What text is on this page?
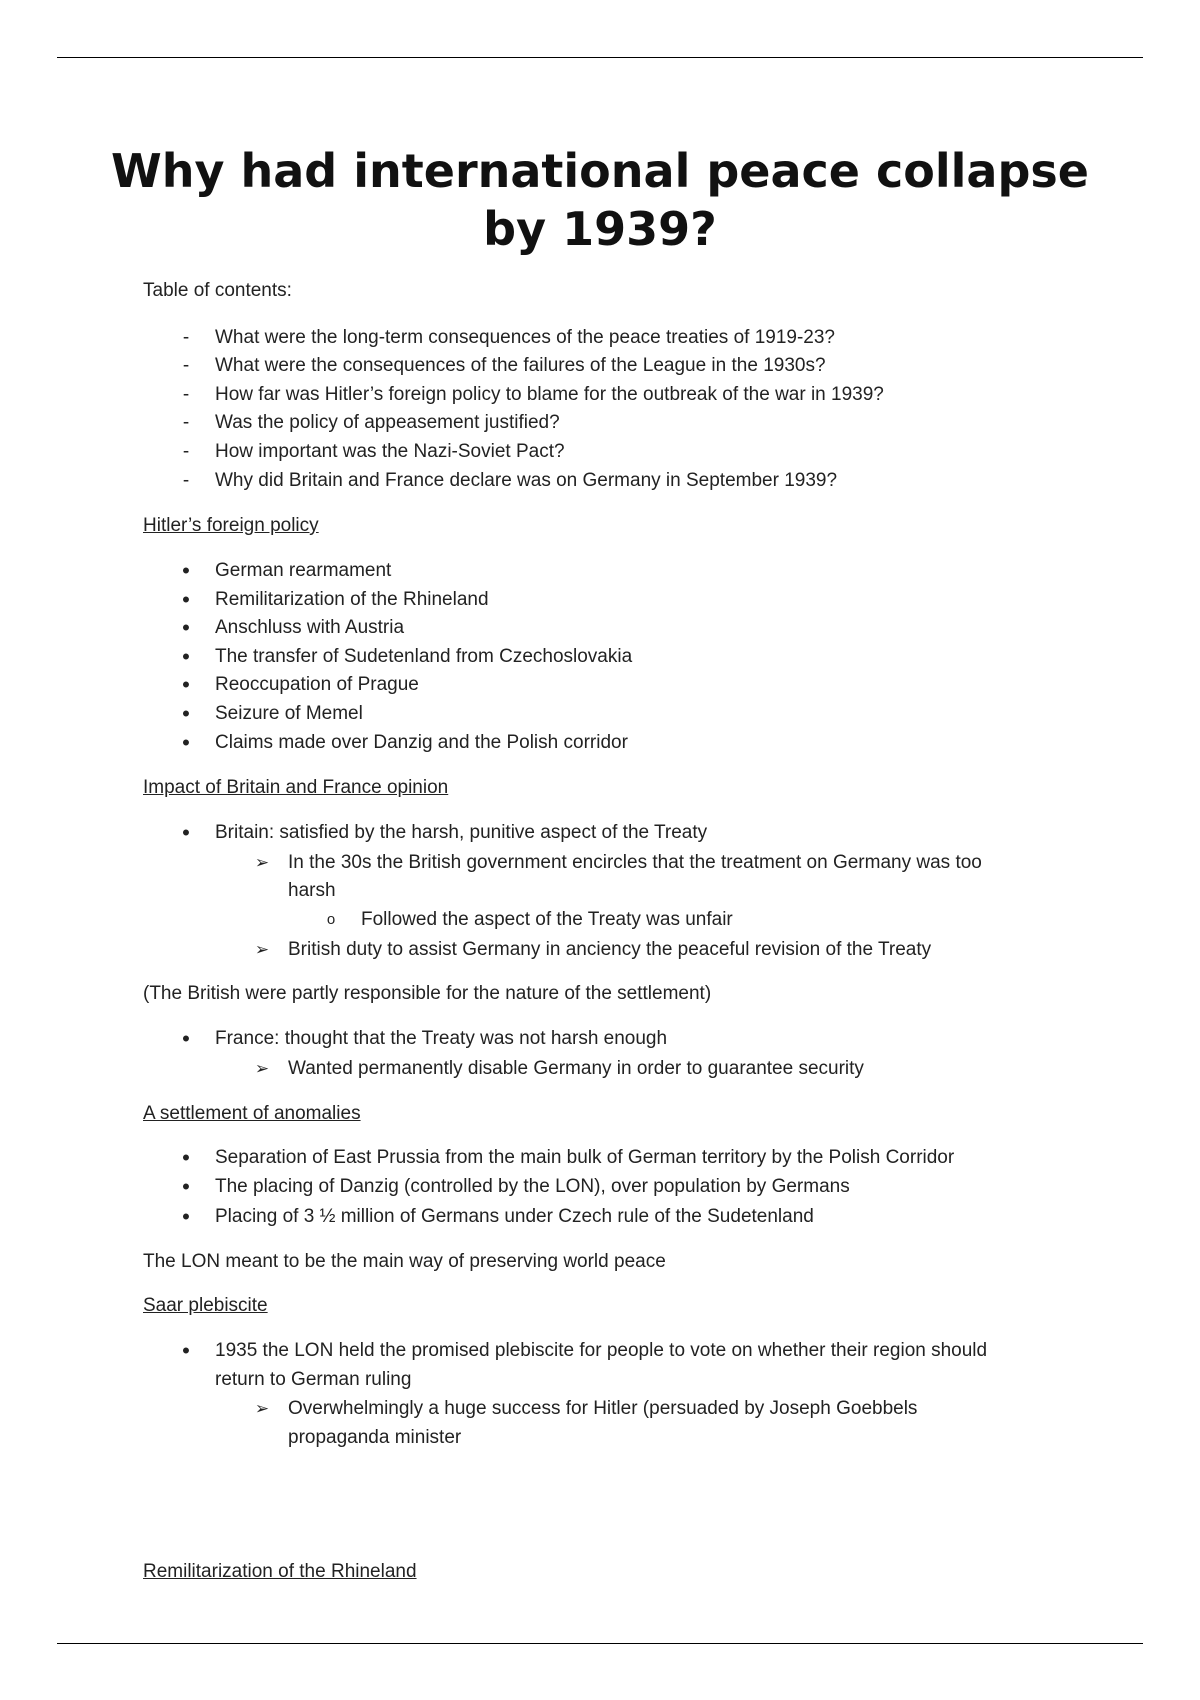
Why had international peace collapse by 1939?

Table of contents:

-	What were the long-term consequences of the peace treaties of 1919-23?

-	What were the consequences of the failures of the League in the 1930s?

-	How far was Hitler’s foreign policy to blame for the outbreak of the war in 1939?

-	Was the policy of appeasement justified?

-	How important was the Nazi-Soviet Pact?

-	Why did Britain and France declare was on Germany in September 1939?

Hitler’s foreign policy

•	German rearmament

•	Remilitarization of the Rhineland

•	Anschluss with Austria

•	The transfer of Sudetenland from Czechoslovakia

•	Reoccupation of Prague

•	Seizure of Memel

•	Claims made over Danzig and the Polish corridor

Impact of Britain and France opinion

•	Britain: satisfied by the harsh, punitive aspect of the Treaty

➢ In the 30s the British government encircles that the treatment on Germany was too

harsh

o	Followed the aspect of the Treaty was unfair

➢ British duty to assist Germany in anciency the peaceful revision of the Treaty

(The British were partly responsible for the nature of the settlement)

•	France: thought that the Treaty was not harsh enough

➢ Wanted permanently disable Germany in order to guarantee security

A settlement of anomalies

•	Separation of East Prussia from the main bulk of German territory by the Polish Corridor

•	The placing of Danzig (controlled by the LON), over population by Germans

•	Placing of 3 ½ million of Germans under Czech rule of the Sudetenland

The LON meant to be the main way of preserving world peace

Saar plebiscite

•	1935 the LON held the promised plebiscite for people to vote on whether their region should

return to German ruling

➢ Overwhelmingly a huge success for Hitler (persuaded by Joseph Goebbels

propaganda minister

Remilitarization of the Rhineland
